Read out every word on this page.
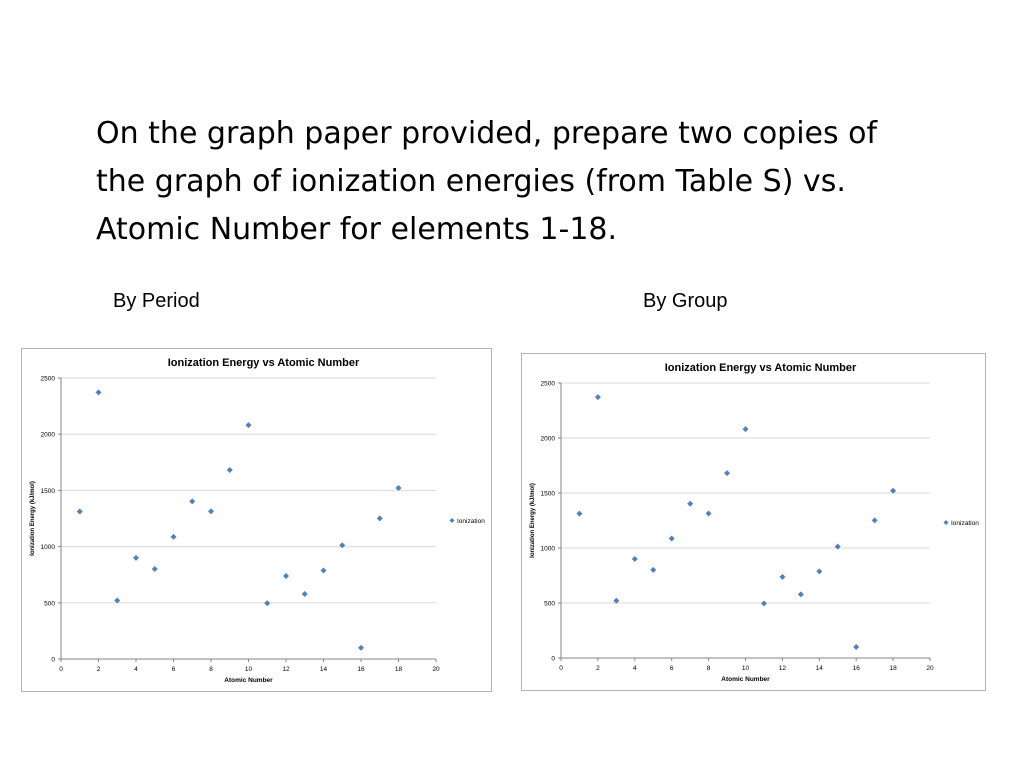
On the graph paper provided, prepare two copies of the graph of ionization energies (from Table S) vs. Atomic Number for elements 1-18.
By Period	By Group
Ionization Energy vs Atomic Number
0
500
1000
1500
2000
2500
0	2	4	6	8	10	12	14	16	18	20
Atomic Number
Ionization Energy (kJ/mol)	Ionization
Ionization Energy vs Atomic Number
0
500
1000
1500
2000
2500
0	2	4	6	8	10	12	14	16	18	20
Atomic Number
Ionization Energy (kJ/mol)	Ionization
